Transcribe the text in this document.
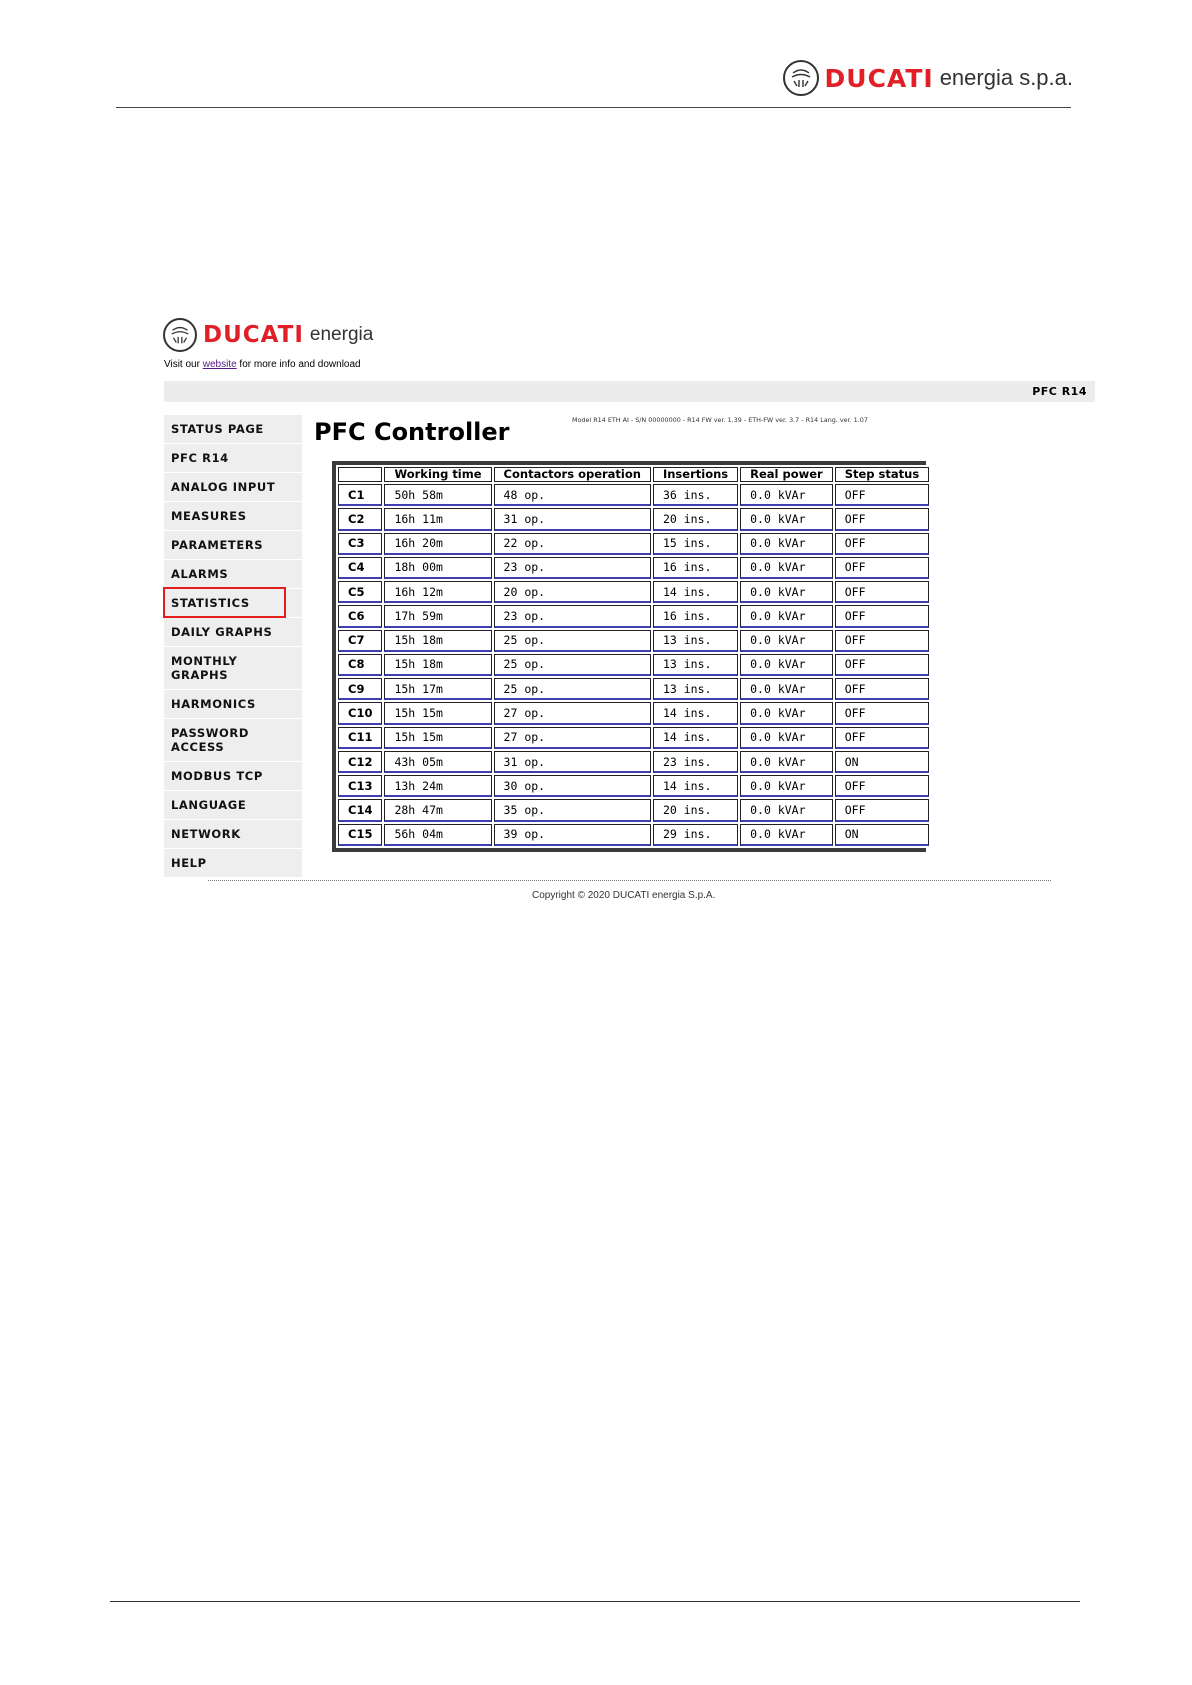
DUCATI energia s.p.a.
DUCATI energia
Visit our website for more info and download
PFC R14
STATUS PAGE
PFC R14
ANALOG INPUT
MEASURES
PARAMETERS
ALARMS
STATISTICS
DAILY GRAPHS
MONTHLY GRAPHS
HARMONICS
PASSWORD ACCESS
MODBUS TCP
LANGUAGE
NETWORK
HELP
PFC Controller	Model R14 ETH AI - S/N 00000000 - R14 FW ver. 1.39 - ETH-FW ver. 3.7 - R14 Lang. ver. 1.07
	Working time	Contactors operation	Insertions	Real power	Step status
C1	50h 58m	48 op.	36 ins.	0.0 kVAr	OFF
C2	16h 11m	31 op.	20 ins.	0.0 kVAr	OFF
C3	16h 20m	22 op.	15 ins.	0.0 kVAr	OFF
C4	18h 00m	23 op.	16 ins.	0.0 kVAr	OFF
C5	16h 12m	20 op.	14 ins.	0.0 kVAr	OFF
C6	17h 59m	23 op.	16 ins.	0.0 kVAr	OFF
C7	15h 18m	25 op.	13 ins.	0.0 kVAr	OFF
C8	15h 18m	25 op.	13 ins.	0.0 kVAr	OFF
C9	15h 17m	25 op.	13 ins.	0.0 kVAr	OFF
C10	15h 15m	27 op.	14 ins.	0.0 kVAr	OFF
C11	15h 15m	27 op.	14 ins.	0.0 kVAr	OFF
C12	43h 05m	31 op.	23 ins.	0.0 kVAr	ON
C13	13h 24m	30 op.	14 ins.	0.0 kVAr	OFF
C14	28h 47m	35 op.	20 ins.	0.0 kVAr	OFF
C15	56h 04m	39 op.	29 ins.	0.0 kVAr	ON
Copyright © 2020 DUCATI energia S.p.A.
